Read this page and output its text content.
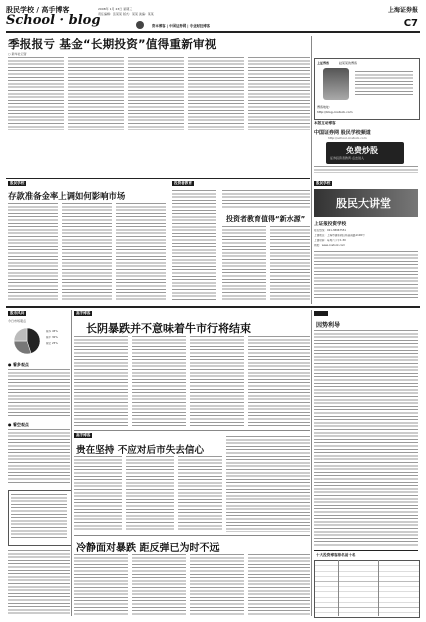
股民学校 / 高手博客
School · blog
2008年 1月 23日 星期三
责任编辑：张某某 版式：某某 美编：某某	上海证券报
资本博客 | 中国证券网 | 专业财经博客	C7
季报报亏 基金“长期投资”值得重新审视
○ 新华社记者
上证博客	赵某某的博客
博客地址：
http://blog.cnstock.com
本版互动博客
中国证券网 股民学校频道
http://school.cnstock.com
免费炒股
证券投资者教育·点击进入
股民学校
存款准备金率上调如何影响市场
投资者教育
投资者教育值得“新水源”
股民学校
股民大讲堂
上证报投资学校
报名热线：021-38967551
上课地点：上海市浦东新区杨高南路1100号
上课时间：每周六下午1:30
网址：www.cnstock.com
股市风向
今日市场观点
看多 45%
看平 30%
看空 25%
● 看多观点
● 看空观点
高手博客
长阴暴跌并不意味着牛市行将结束
高手博客
贵在坚持 不应对后市失去信心
冷静面对暴跌 距反弹已为时不远
因势利导
十大投资博客排名前十名
